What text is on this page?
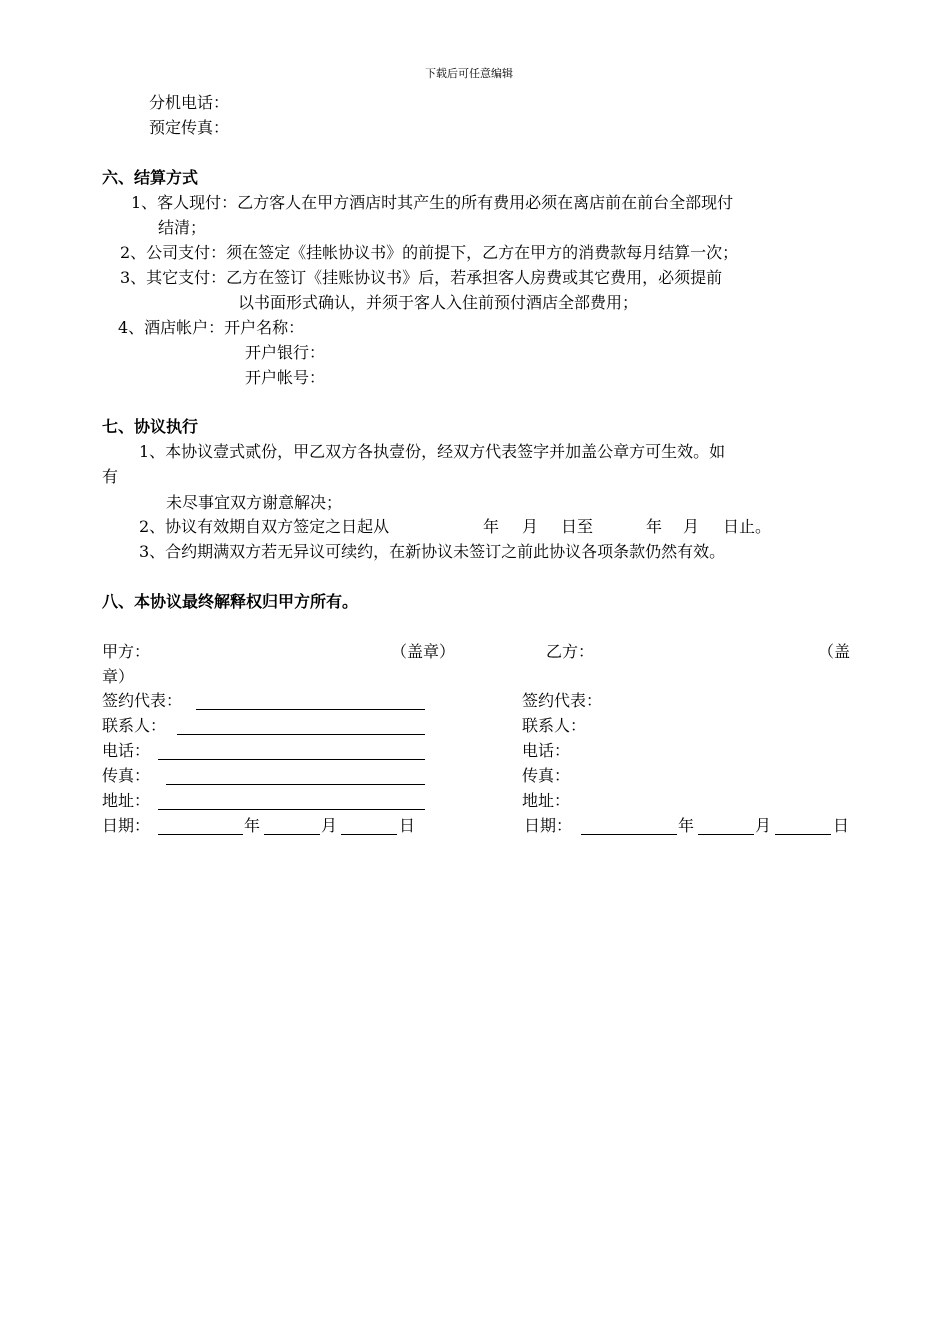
下载后可任意编辑
分机电话：
预定传真：
六、结算方式
1、客人现付：乙方客人在甲方酒店时其产生的所有费用必须在离店前在前台全部现付
结清；
2、公司支付：须在签定《挂帐协议书》的前提下，乙方在甲方的消费款每月结算一次；
3、其它支付：乙方在签订《挂账协议书》后，若承担客人房费或其它费用，必须提前
以书面形式确认，并须于客人入住前预付酒店全部费用；
4、酒店帐户：开户名称：
开户银行：
开户帐号：
七、协议执行
1、本协议壹式贰份，甲乙双方各执壹份，经双方代表签字并加盖公章方可生效。如
有
未尽事宜双方谢意解决；
2、协议有效期自双方签定之日起从	年 月 日至	年 月 日止。
3、合约期满双方若无异议可续约，在新协议未签订之前此协议各项条款仍然有效。
八、本协议最终解释权归甲方所有。
甲方：	（盖章）	乙方：	（盖
章）
签约代表：	签约代表：
联系人：	联系人：
电话：	电话：
传真：	传真：
地址：	地址：
日期：	年	月	日	日期：	年	月	日
